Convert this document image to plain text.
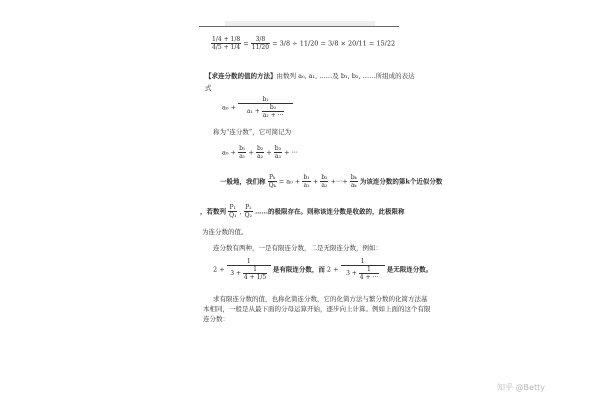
$\frac{1/4 + 1/8}{4/5 + 1/4} = \frac{3/8}{11/20} = 3/8 \div 11/20 = 3/8 \times 20/11 = 15/22$
【求连分数的值的方法】由数列 a₀, a₁, ……及 b₁, b₂, ……所组成的表达
式
$a_0 + \frac{\text{b₁}}{a_1 + \frac{\text{b₂}}{\text{a₂ + ···}}}$
称为“连分数”，它可简记为
$a_0 + \frac{\text{b₁}}{\text{a₁}} + \frac{\text{b₂}}{\text{a₂}} + \frac{\text{b₃}}{\text{a₃}}$ + ···
一般地，我们称 $\frac{\text{Pₖ}}{\text{Qₖ}} = a_0 + \frac{\text{b₁}}{\text{a₁}} + \frac{\text{b₂}}{\text{a₂}}$ +···+ $\frac{\text{bₖ}}{\text{aₖ}}$ 为该连分数的第k个近似分数
，若数列 $\frac{\text{P₁}}{\text{Q₁}}$ , $\frac{\text{P₂}}{\text{Q₂}}$ ……的极限存在。则称该连分数是收敛的，此极限称
为连分数的值。
连分数有两种，一是有限连分数，二是无限连分数，例如：
$2 + \frac{1}{3 + \frac{1}{4 + 1/5}}$ 是有限连分数，而 $2 + \frac{1}{3 + \frac{1}{4 + \cdot\cdot\cdot}}$ 是无限连分数。
求有限连分数的值，也称化简连分数，它的化简方法与繁分数的化简方法基
本相同，一般是从最下面的分母运算开始，逐步向上计算。例如上面的这个有限
连分数：
知乎 @Betty
